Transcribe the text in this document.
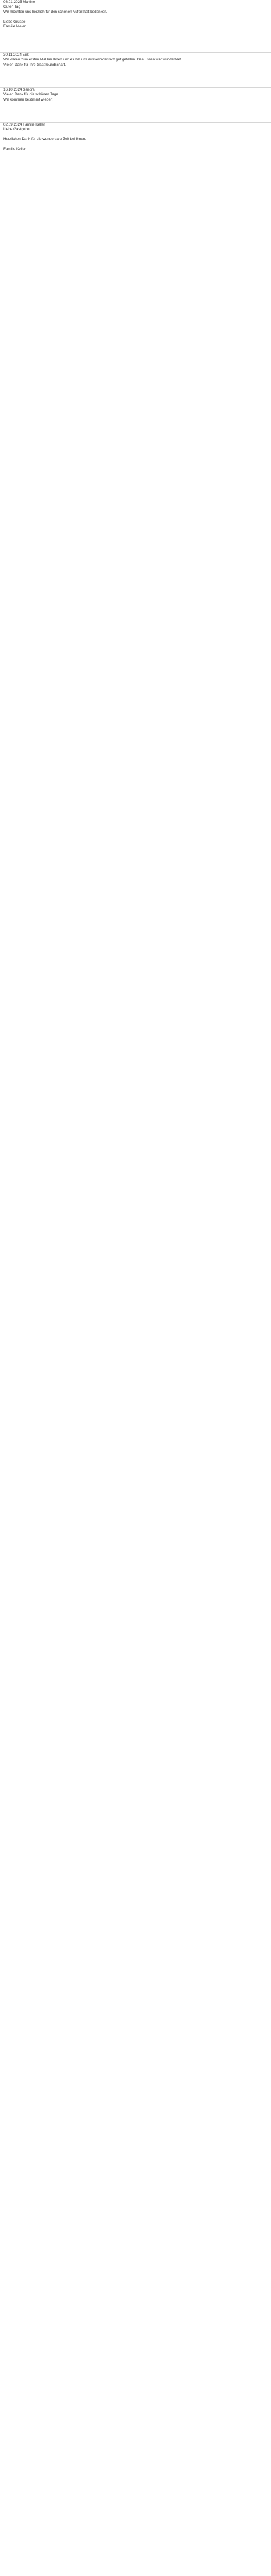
08.01.2025 Martine
Guten Tag
Wir möchten uns herzlich für den schönen Aufenthalt bedanken.
Liebe Grüsse
Familie Meier
30.11.2024 Erik
Wir waren zum ersten Mal bei Ihnen und es hat uns ausserordentlich gut gefallen. Das Essen war wunderbar!
Vielen Dank für Ihre Gastfreundschaft.
16.10.2024 Sandra
Vielen Dank für die schönen Tage.
Wir kommen bestimmt wieder!
02.09.2024 Familie Keller
Liebe Gastgeber
Herzlichen Dank für die wunderbare Zeit bei Ihnen.
Familie Keller
